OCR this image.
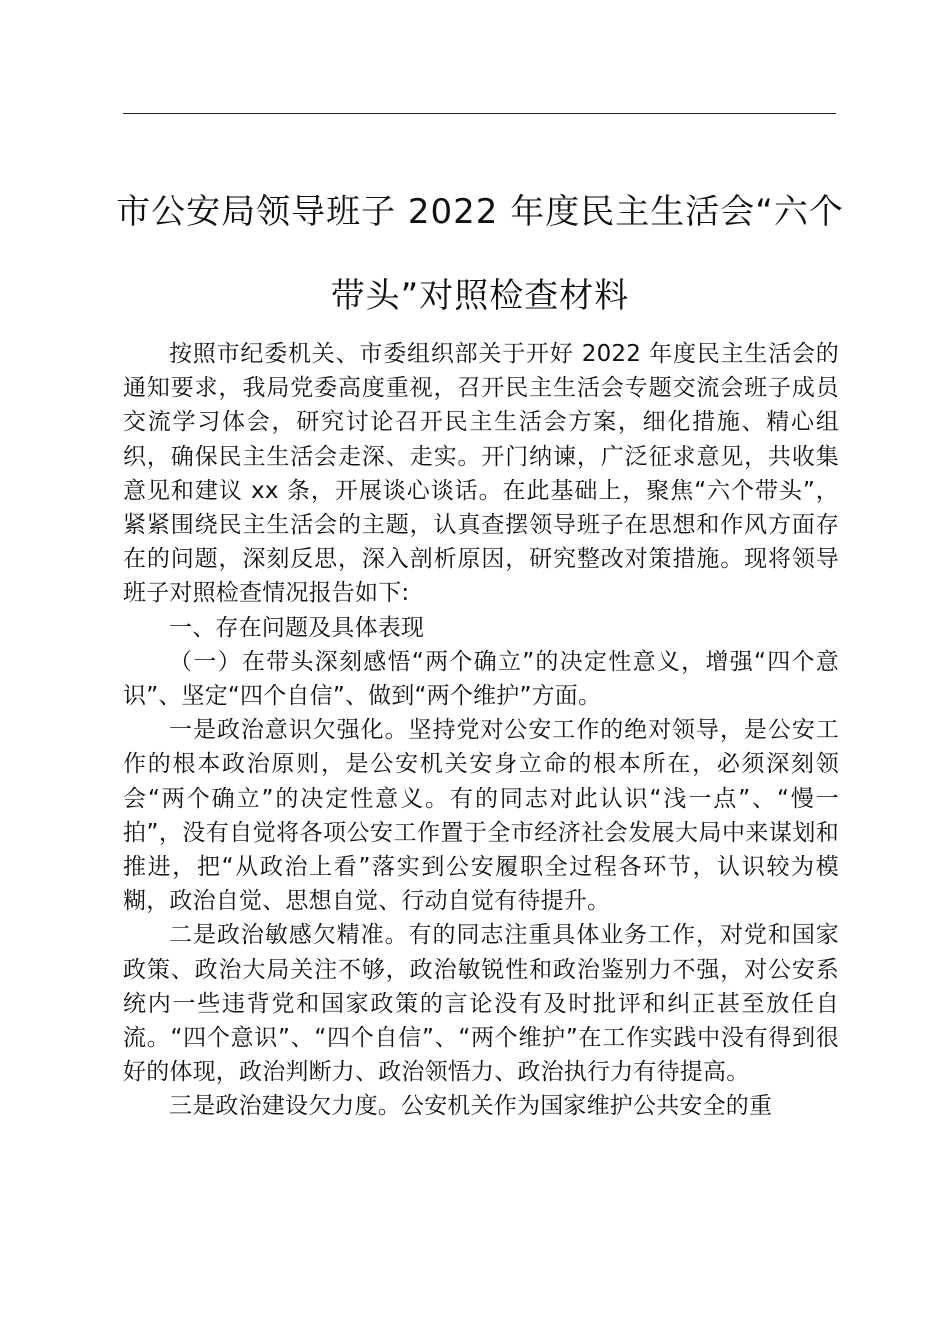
市公安局领导班子 2022 年度民主生活会“六个
带头”对照检查材料

按照市纪委机关、市委组织部关于开好 2022 年度民主生活会的通知要求，我局党委高度重视，召开民主生活会专题交流会班子成员交流学习体会，研究讨论召开民主生活会方案，细化措施、精心组织，确保民主生活会走深、走实。开门纳谏，广泛征求意见，共收集意见和建议 xx 条，开展谈心谈话。在此基础上，聚焦“六个带头”，紧紧围绕民主生活会的主题，认真查摆领导班子在思想和作风方面存在的问题，深刻反思，深入剖析原因，研究整改对策措施。现将领导班子对照检查情况报告如下:

一、存在问题及具体表现

（一）在带头深刻感悟“两个确立”的决定性意义，增强“四个意识”、坚定“四个自信”、做到“两个维护”方面。

一是政治意识欠强化。坚持党对公安工作的绝对领导，是公安工作的根本政治原则，是公安机关安身立命的根本所在，必须深刻领会“两个确立”的决定性意义。有的同志对此认识“浅一点”、“慢一拍”，没有自觉将各项公安工作置于全市经济社会发展大局中来谋划和推进，把“从政治上看”落实到公安履职全过程各环节，认识较为模糊，政治自觉、思想自觉、行动自觉有待提升。

二是政治敏感欠精准。有的同志注重具体业务工作，对党和国家政策、政治大局关注不够，政治敏锐性和政治鉴别力不强，对公安系统内一些违背党和国家政策的言论没有及时批评和纠正甚至放任自流。“四个意识”、“四个自信”、“两个维护”在工作实践中没有得到很好的体现，政治判断力、政治领悟力、政治执行力有待提高。

三是政治建设欠力度。公安机关作为国家维护公共安全的重
